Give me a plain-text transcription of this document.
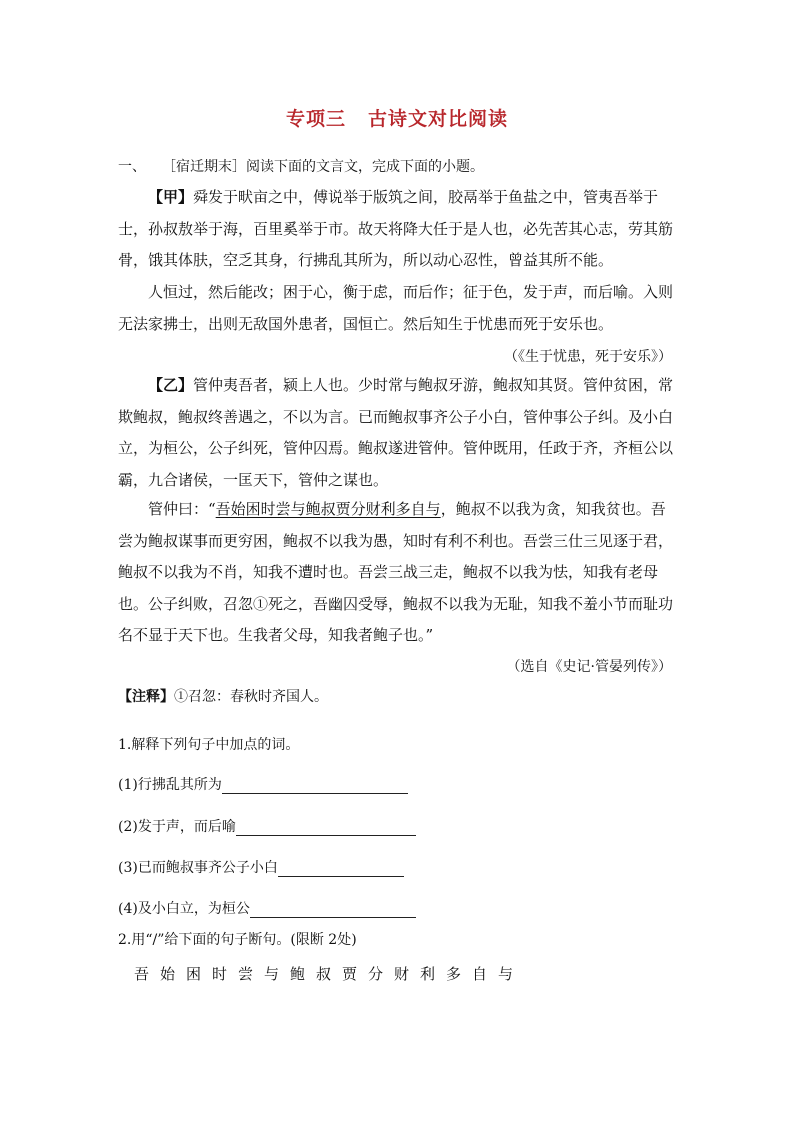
专项三 古诗文对比阅读
一、 ［宿迁期末］阅读下面的文言文，完成下面的小题。
【甲】舜发于畎亩之中，傅说举于版筑之间，胶鬲举于鱼盐之中，管夷吾举于士，孙叔敖举于海，百里奚举于市。故天将降大任于是人也，必先苦其心志，劳其筋骨，饿其体肤，空乏其身，行拂乱其所为，所以动心忍性，曾益其所不能。
人恒过，然后能改；困于心，衡于虑，而后作；征于色，发于声，而后喻。入则无法家拂士，出则无敌国外患者，国恒亡。然后知生于忧患而死于安乐也。
（《生于忧患，死于安乐》）
【乙】管仲夷吾者，颍上人也。少时常与鲍叔牙游，鲍叔知其贤。管仲贫困，常欺鲍叔，鲍叔终善遇之，不以为言。已而鲍叔事齐公子小白，管仲事公子纠。及小白立，为桓公，公子纠死，管仲囚焉。鲍叔遂进管仲。管仲既用，任政于齐，齐桓公以霸，九合诸侯，一匡天下，管仲之谋也。
管仲曰：“吾始困时尝与鲍叔贾分财利多自与，鲍叔不以我为贪，知我贫也。吾尝为鲍叔谋事而更穷困，鲍叔不以我为愚，知时有利不利也。吾尝三仕三见逐于君，鲍叔不以我为不肖，知我不遭时也。吾尝三战三走，鲍叔不以我为怯，知我有老母也。公子纠败，召忽①死之，吾幽囚受辱，鲍叔不以我为无耻，知我不羞小节而耻功名不显于天下也。生我者父母，知我者鲍子也。”
（选自《史记·管晏列传》）
【注释】①召忽：春秋时齐国人。
1.解释下列句子中加点的词。
(1)行拂乱其所为
(2)发于声，而后喻
(3)已而鲍叔事齐公子小白
(4)及小白立，为桓公
2.用“/”给下面的句子断句。(限断 2处)
吾始困时尝与鲍叔贾分财利多自与
